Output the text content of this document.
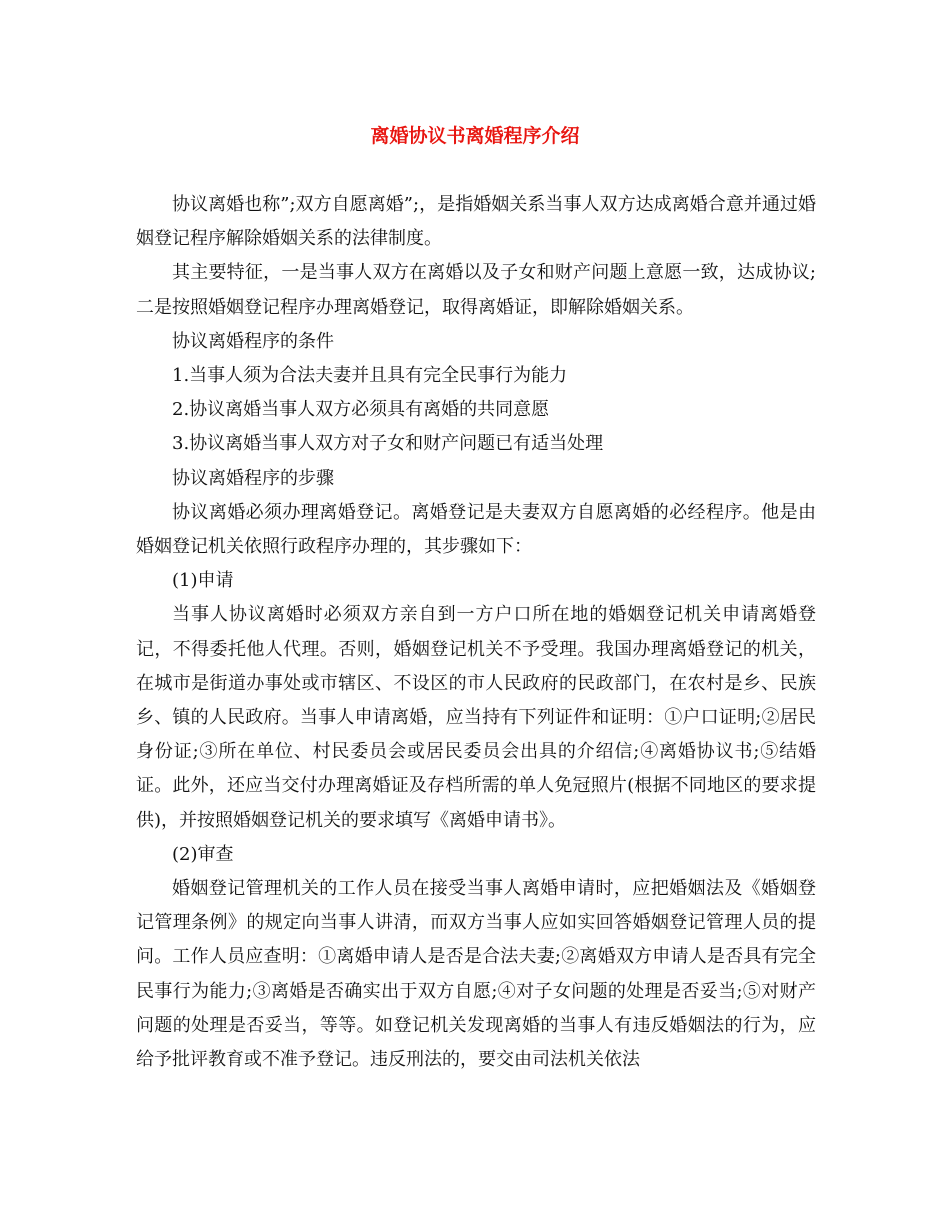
离婚协议书离婚程序介绍

协议离婚也称”;双方自愿离婚”;，是指婚姻关系当事人双方达成离婚合意并通过婚姻登记程序解除婚姻关系的法律制度。

其主要特征，一是当事人双方在离婚以及子女和财产问题上意愿一致，达成协议;二是按照婚姻登记程序办理离婚登记，取得离婚证，即解除婚姻关系。

协议离婚程序的条件

1.当事人须为合法夫妻并且具有完全民事行为能力

2.协议离婚当事人双方必须具有离婚的共同意愿

3.协议离婚当事人双方对子女和财产问题已有适当处理

协议离婚程序的步骤

协议离婚必须办理离婚登记。离婚登记是夫妻双方自愿离婚的必经程序。他是由婚姻登记机关依照行政程序办理的，其步骤如下：

(1)申请

当事人协议离婚时必须双方亲自到一方户口所在地的婚姻登记机关申请离婚登记，不得委托他人代理。否则，婚姻登记机关不予受理。我国办理离婚登记的机关，在城市是街道办事处或市辖区、不设区的市人民政府的民政部门，在农村是乡、民族乡、镇的人民政府。当事人申请离婚，应当持有下列证件和证明：①户口证明;②居民身份证;③所在单位、村民委员会或居民委员会出具的介绍信;④离婚协议书;⑤结婚证。此外，还应当交付办理离婚证及存档所需的单人免冠照片(根据不同地区的要求提供)，并按照婚姻登记机关的要求填写《离婚申请书》。

(2)审查

婚姻登记管理机关的工作人员在接受当事人离婚申请时，应把婚姻法及《婚姻登记管理条例》的规定向当事人讲清，而双方当事人应如实回答婚姻登记管理人员的提问。工作人员应查明：①离婚申请人是否是合法夫妻;②离婚双方申请人是否具有完全民事行为能力;③离婚是否确实出于双方自愿;④对子女问题的处理是否妥当;⑤对财产问题的处理是否妥当，等等。如登记机关发现离婚的当事人有违反婚姻法的行为，应给予批评教育或不准予登记。违反刑法的，要交由司法机关依法
